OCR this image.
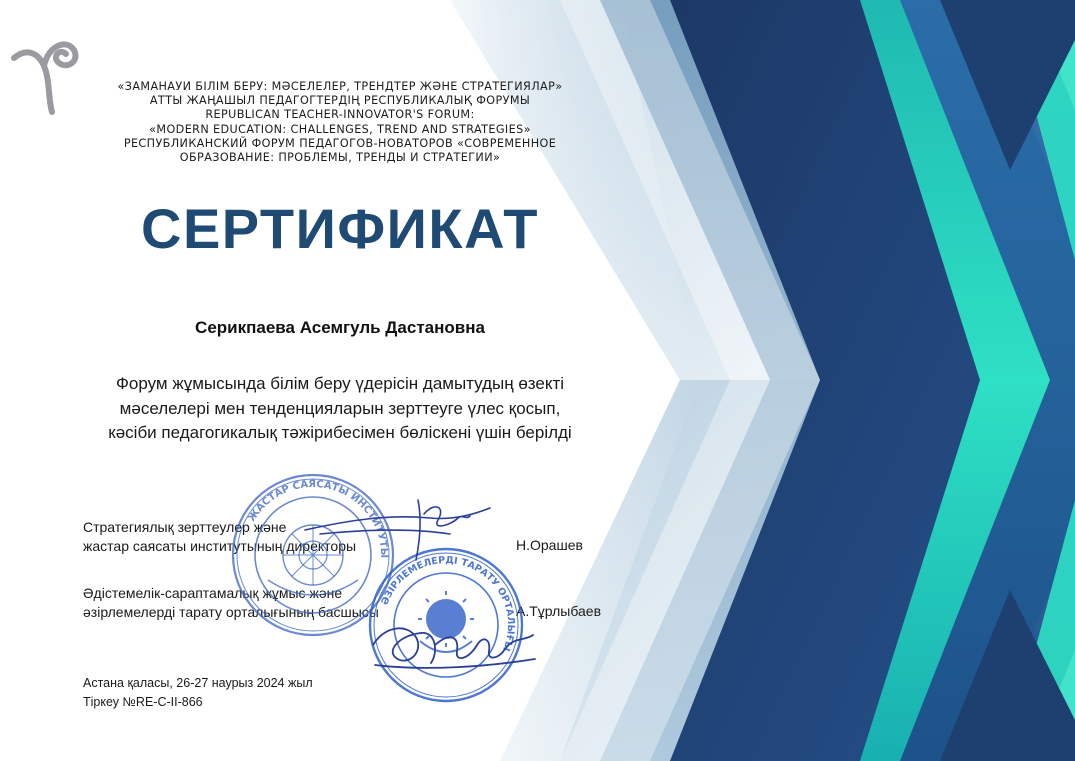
«ЗАМАНАУИ БІЛІМ БЕРУ: МӘСЕЛЕЛЕР, ТРЕНДТЕР ЖӘНЕ СТРАТЕГИЯЛАР»
АТТЫ ЖАҢАШЫЛ ПЕДАГОГТЕРДІҢ РЕСПУБЛИКАЛЫҚ ФОРУМЫ
REPUBLICAN TEACHER-INNOVATOR'S FORUM:
«MODERN EDUCATION: CHALLENGES, TREND AND STRATEGIES»
РЕСПУБЛИКАНСКИЙ ФОРУМ ПЕДАГОГОВ-НОВАТОРОВ «СОВРЕМЕННОЕ
ОБРАЗОВАНИЕ: ПРОБЛЕМЫ, ТРЕНДЫ И СТРАТЕГИИ»
СЕРТИФИКАТ
Серикпаева Асемгуль Дастановна
Форум жұмысында білім беру үдерісін дамытудың өзекті
мәселелері мен тенденцияларын зерттеуге үлес қосып,
кәсіби педагогикалық тәжірибесімен бөлiскені үшін берілді
Стратегиялық зерттеулер және
жастар саясаты институтының директоры	Н.Орашев
Әдістемелік-сараптамалық жұмыс және
әзірлемелерді тарату орталығының басшысы	А.Тұрлыбаев
ЖАСТАР САЯСАТЫ ИНСТИТУТЫ
ӘЗІРЛЕМЕЛЕРДІ ТАРАТУ ОРТАЛЫҒЫ
Астана қаласы, 26-27 наурыз 2024 жыл
Тіркеу №RE-C-II-866
